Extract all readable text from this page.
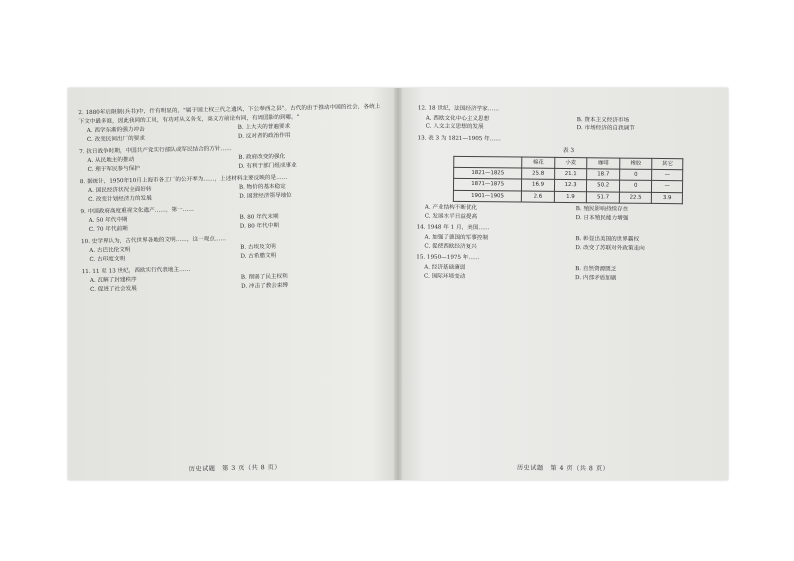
2. 1880年后限制(兵书)中，什有明显的，"属于国土权三代之遗风，下公奉西之县"。古代的由于推动中国的社会，各统上下文中最多谁，因此我同的工员，有功对从义务支，高义方前论有同，有周国影的到哪。"
A. 西学东渐的强力冲击	B. 上大夫的普遍要求
C. 改变民间出厂的要求	D. 反对者的政治作用
7. 抗日战争时期，中国共产党实行部队或军民结合的方针……
A. 从民地主的推动	B. 政府改变的强化
C. 理于军民参与保护	D. 有利于部门组成事业
8. 据统计，1950年10月上海市各工厂的公开率为……，上述材料主要反映的是……
A. 国民经济状况全面好转	B. 物价的基本稳定
C. 改变计划经济力的发展	D. 国营经济领导地位
9. 中国政府高度重视文化遗产……，第一……
A. 50 年代中期	B. 80 年代末期
C. 70 年代前期	D. 80 年代中期
10. 史学界认为，古代世界各地的文明……，这一观点……
A. 古巴比伦文明	B. 古埃及文明
C. 古印度文明	D. 古希腊文明
11. 11 至 13 世纪，西欧实行代表地主……
A. 瓦解了封建秩序	B. 削弱了民主权利
C. 促进了社会发展	D. 冲击了教会束缚
历史试题　第 3 页（共 8 页）
12. 18 世纪，法国经济学家……
A. 西欧文化中心主义思想	B. 资本主义经济市场
C. 人文主义思想的发展	D. 市场经济的自我调节
13. 表 3 为 1821—1905 年……
表 3
	棉花	小麦	咖啡	橡胶	其它
1821—1825	25.8	21.1	18.7	0	—
1871—1875	16.9	12.3	50.2	0	—
1901—1905	2.6	1.9	51.7	22.5	3.9
A. 产业结构不断优化	B. 殖民影响持续存在
C. 发展水平日益提高	D. 日本殖民能力增强
14. 1948 年 1 月，美国……
A. 加强了德国的军事控制	B. 彰显出美国的世界霸权
C. 促使西欧经济复兴	D. 改变了苏联对外政策走向
15. 1950—1975 年……
A. 经济基础薄弱	B. 自然资源匮乏
C. 国际环境变动	D. 内部矛盾加剧
历史试题　第 4 页（共 8 页）
